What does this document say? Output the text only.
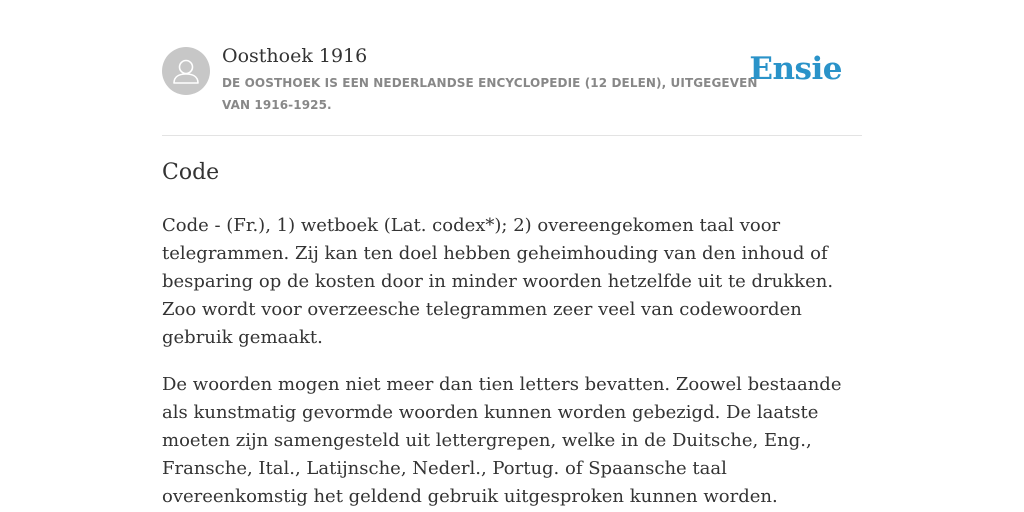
Oosthoek 1916
DE OOSTHOEK IS EEN NEDERLANDSE ENCYCLOPEDIE (12 DELEN), UITGEGEVEN VAN 1916-1925.
Ensie
Code

Code - (Fr.), 1) wetboek (Lat. codex*); 2) overeengekomen taal voor telegrammen. Zij kan ten doel hebben geheimhouding van den inhoud of besparing op de kosten door in minder woorden hetzelfde uit te drukken. Zoo wordt voor overzeesche telegrammen zeer veel van codewoorden gebruik gemaakt.

De woorden mogen niet meer dan tien letters bevatten. Zoowel bestaande als kunstmatig gevormde woorden kunnen worden gebezigd. De laatste moeten zijn samengesteld uit lettergrepen, welke in de Duitsche, Eng., Fransche, Ital., Latijnsche, Nederl., Portug. of Spaansche taal overeenkomstig het geldend gebruik uitgesproken kunnen worden.
